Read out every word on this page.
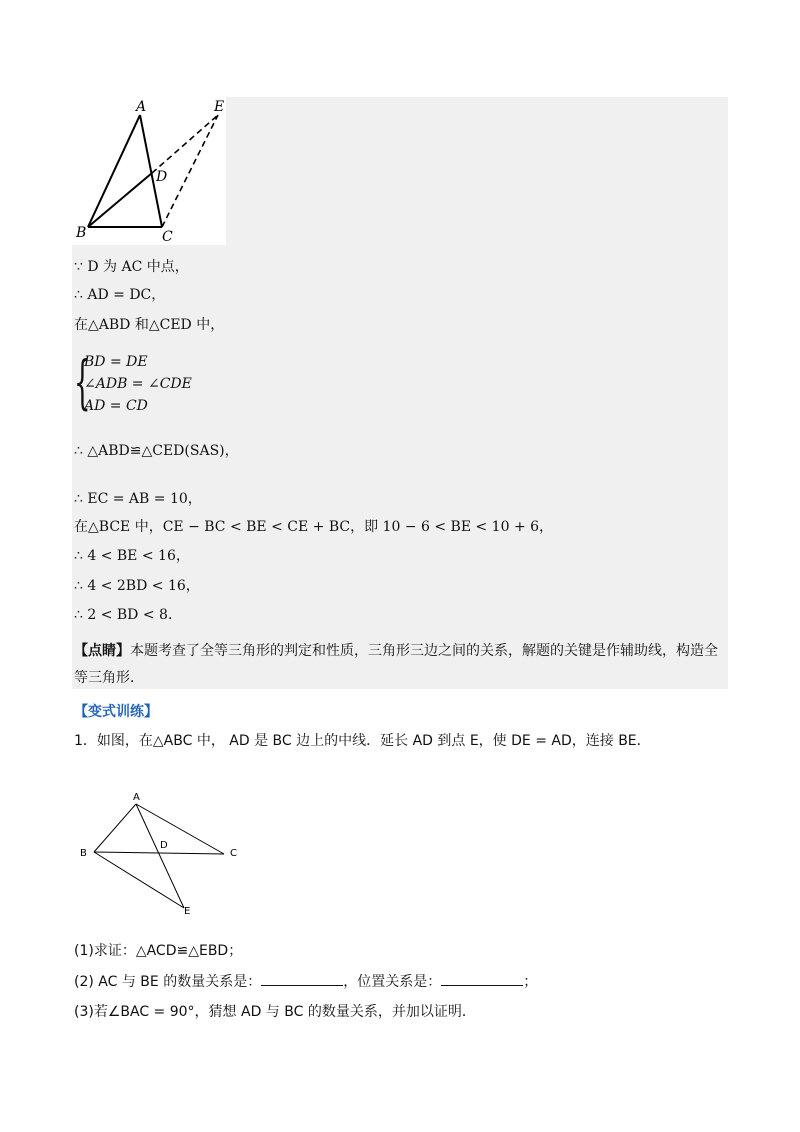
A	E
D
B	C
∵ D 为 AC 中点，
∴ AD = DC，
在△ABD 和△CED 中，
{
BD = DE
∠ADB = ∠CDE
AD = CD
∴ △ABD≌△CED(SAS)，
∴ EC = AB = 10，
在△BCE 中，CE − BC < BE < CE + BC，即 10 − 6 < BE < 10 + 6，
∴ 4 < BE < 16，
∴ 4 < 2BD < 16，
∴ 2 < BD < 8．
【点睛】本题考查了全等三角形的判定和性质，三角形三边之间的关系，解题的关键是作辅助线，构造全等三角形．
【变式训练】
1．如图，在△ABC 中， AD 是 BC 边上的中线．延长 AD 到点 E，使 DE = AD，连接 BE．
A
B	C
D
E
(1)求证：△ACD≌△EBD；
(2) AC 与 BE 的数量关系是：	，位置关系是：	；
(3)若∠BAC = 90°，猜想 AD 与 BC 的数量关系，并加以证明．
